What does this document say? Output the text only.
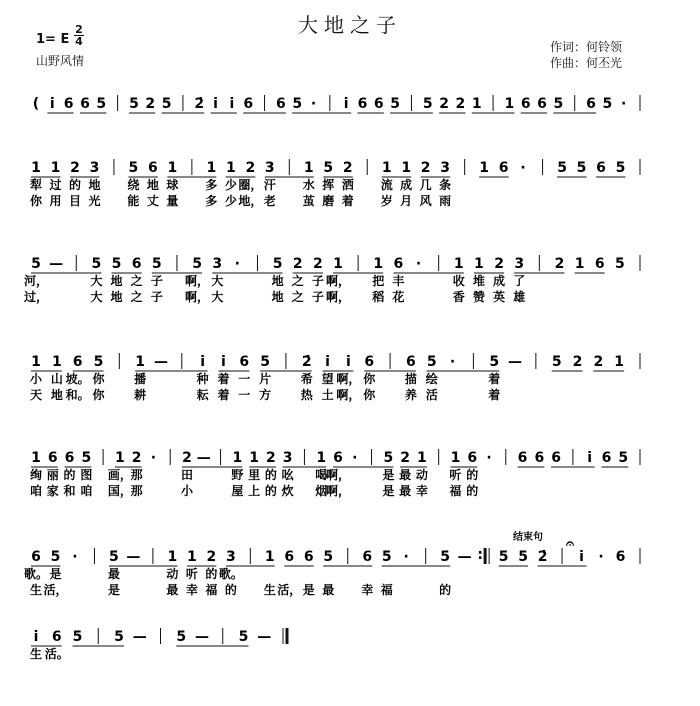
大地之子
1= E
2
4
山野风情
作词：何铃领
作曲：何丕光
( i̇ 6 6 5 5 2 5 2̇ i̇ i̇ 6 6 5 · i̇ 6 6 5 5 2 2 1 1 6 6 5 6 5 ·
1 1 2 3 5 6 1 1 1 2 3 1 5 2 1 1 2 3 1 6 · 5 5 6 5
犁 过 的 地 绕 地 球 多 少 圈， 汗 水 挥 洒 流 成 几 条
你 用 目 光 能 丈 量 多 少 地， 老 茧 磨 着 岁 月 风 雨
5 — 5 5 6 5 5 3 · 5 2 2 1 1 6 · 1 1 2 3 2 1 6 5
河，	大 地 之 子 啊， 大	地 之 子 啊， 把 丰	收 堆 成 了
过，	大 地 之 子 啊， 大	地 之 子 啊， 稻 花	香 赞 英 雄
1 1 6 5 1 — i̇ i̇ 6 5 2̇ i̇ i̇ 6 6 5 · 5 — 5 2 2 1
小 山 坡。 你 播	种 着 一 片 希 望 啊， 你 描 绘	着
天 地 和。 你 耕	耘 着 一 方 热 土 啊， 你 养 活	着
1 6 6 5 1 2 · 2 — 1 1 2 3 1 6 · 5 2 1 1 6 · 6 6 6 i̇ 6 5
绚 丽 的 图 画，
那	田	野 里 的 吆 喝
啊，	是 最 动 听 的
咱 家 和 咱 国，
那	小	屋 上 的 炊 烟
啊，	是 最 幸 福 的
6 5 · 5 — 1 1 2 3 1 6 6 5 6 5 · 5 — : 5 5 2̇ i̇ · 6
歌。 是	最	动 听 的 歌。
生 活，	是	最 幸 福 的 生 活， 是 最 幸 福	的
i̇ 6 5 5 — 5 — 5 —
生 活。
结束句 𝄐
